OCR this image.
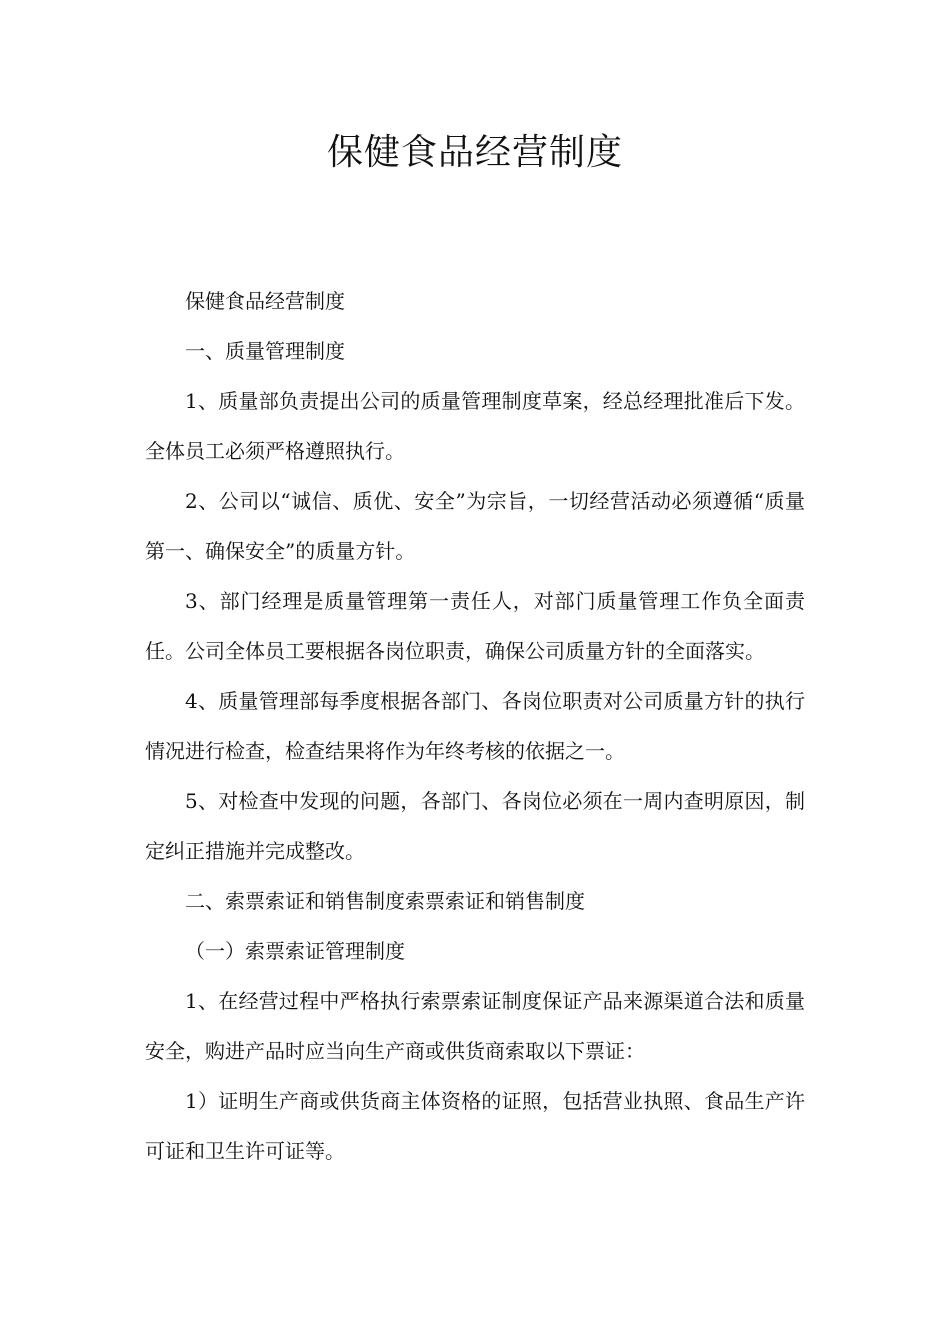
保健食品经营制度

保健食品经营制度

一、质量管理制度

1、质量部负责提出公司的质量管理制度草案，经总经理批准后下发。全体员工必须严格遵照执行。

2、公司以“诚信、质优、安全”为宗旨，一切经营活动必须遵循“质量第一、确保安全”的质量方针。

3、部门经理是质量管理第一责任人，对部门质量管理工作负全面责任。公司全体员工要根据各岗位职责，确保公司质量方针的全面落实。

4、质量管理部每季度根据各部门、各岗位职责对公司质量方针的执行情况进行检查，检查结果将作为年终考核的依据之一。

5、对检查中发现的问题，各部门、各岗位必须在一周内查明原因，制定纠正措施并完成整改。

二、索票索证和销售制度索票索证和销售制度

（一）索票索证管理制度

1、在经营过程中严格执行索票索证制度保证产品来源渠道合法和质量安全，购进产品时应当向生产商或供货商索取以下票证：

1）证明生产商或供货商主体资格的证照，包括营业执照、食品生产许可证和卫生许可证等。
